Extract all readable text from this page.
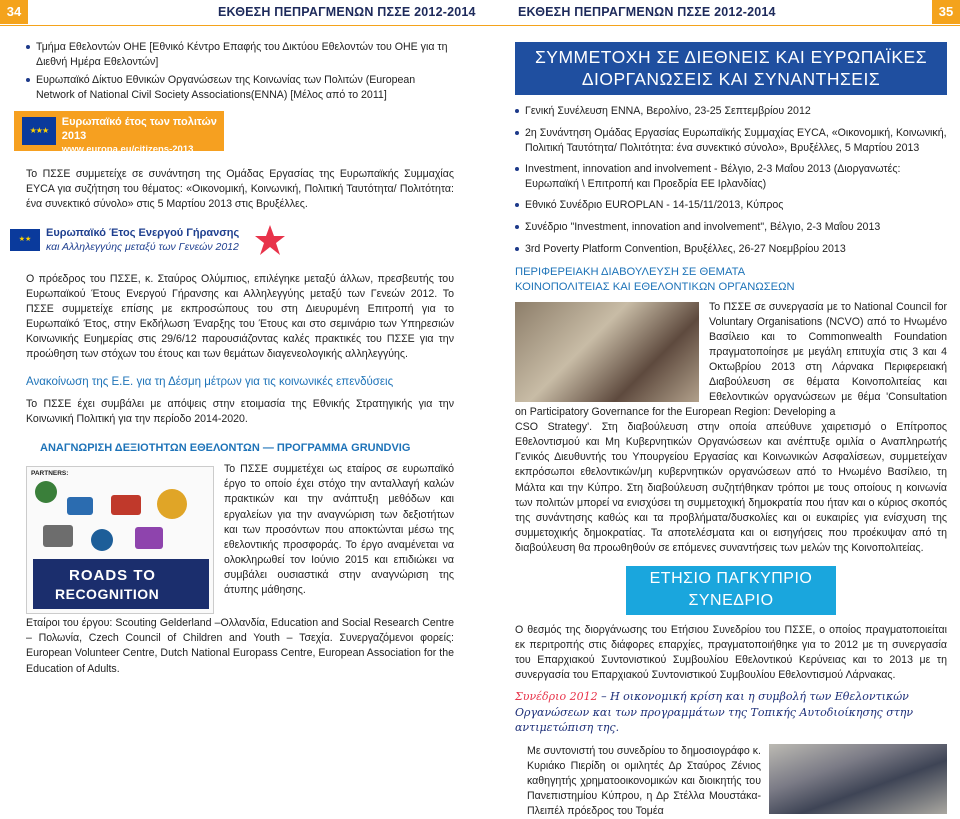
34	ΕΚΘΕΣΗ ΠΕΠΡΑΓΜΕΝΩΝ ΠΣΣΕ 2012-2014	ΕΚΘΕΣΗ ΠΕΠΡΑΓΜΕΝΩΝ ΠΣΣΕ 2012-2014	35
Τμήμα Εθελοντών ΟΗΕ [Εθνικό Κέντρο Επαφής του Δικτύου Εθελοντών του ΟΗΕ για τη Διεθνή Ημέρα Εθελοντών]
Ευρωπαϊκό Δίκτυο Εθνικών Οργανώσεων της Κοινωνίας των Πολιτών (European Network of National Civil Society Associations(ENNA) [Μέλος από το 2011]
★★★
Ευρωπαϊκό έτος των πολιτών 2013
www.europa.eu/citizens-2013

Το ΠΣΣΕ συμμετείχε σε συνάντηση της Ομάδας Εργασίας της Ευρωπαϊκής Συμμαχίας EYCA για συζήτηση του θέματος: «Οικονομική, Κοινωνική, Πολιτική Ταυτότητα/ Πολιτότητα: ένα συνεκτικό σύνολο» στις 5 Μαρτίου 2013 στις Βρυξέλλες.

★★
Ευρωπαϊκό Έτος Ενεργού Γήρανσης
και Αλληλεγγύης μεταξύ των Γενεών 2012

Ο πρόεδρος του ΠΣΣΕ, κ. Σταύρος Ολύμπιος, επιλέγηκε μεταξύ άλλων, πρεσβευτής του Ευρωπαϊκού Έτους Ενεργού Γήρανσης και Αλληλεγγύης μεταξύ των Γενεών 2012. Το ΠΣΣΕ συμμετείχε επίσης με εκπροσώπους του στη Διευρυμένη Επιτροπή για το Ευρωπαϊκό Έτος, στην Εκδήλωση Έναρξης του Έτους και στο σεμινάριο των Υπηρεσιών Κοινωνικής Ευημερίας στις 29/6/12 παρουσιάζοντας καλές πρακτικές του ΠΣΣΕ για την προώθηση των στόχων του έτους και των θεμάτων διαγενεολογικής αλληλεγγύης.

Ανακοίνωση της Ε.Ε. για τη Δέσμη μέτρων για τις κοινωνικές επενδύσεις

Το ΠΣΣΕ έχει συμβάλει με απόψεις στην ετοιμασία της Εθνικής Στρατηγικής για την Κοινωνική Πολιτική για την περίοδο 2014-2020.

ΑΝΑΓΝΩΡΙΣΗ ΔΕΞΙΟΤΗΤΩΝ ΕΘΕΛΟΝΤΩΝ — ΠΡΟΓΡΑΜΜΑ GRUNDVIG
PARTNERS:
ROADS TO
RECOGNITION

Το ΠΣΣΕ συμμετέχει ως εταίρος σε ευρωπαϊκό έργο το οποίο έχει στόχο την ανταλλαγή καλών πρακτικών και την ανάπτυξη μεθόδων και εργαλείων για την αναγνώριση των δεξιοτήτων και των προσόντων που αποκτώνται μέσω της εθελοντικής προσφοράς. Το έργο αναμένεται να ολοκληρωθεί τον Ιούνιο 2015 και επιδιώκει να συμβάλει ουσιαστικά στην αναγνώριση της άτυπης μάθησης.

Εταίροι του έργου: Scouting Gelderland –Ολλανδία, Education and Social Research Centre – Πολωνία, Czech Council of Children and Youth – Τσεχία. Συνεργαζόμενοι φορείς: European Volunteer Centre, Dutch National Europass Centre, European Association for the Education of Adults.

ΣΥΜΜΕΤΟΧΗ ΣΕ ΔΙΕΘΝΕΙΣ ΚΑΙ ΕΥΡΩΠΑΪΚΕΣ
ΔΙΟΡΓΑΝΩΣΕΙΣ ΚΑΙ ΣΥΝΑΝΤΗΣΕΙΣ
Γενική Συνέλευση ENNA, Βερολίνο, 23-25 Σεπτεμβρίου 2012
2η Συνάντηση Ομάδας Εργασίας Ευρωπαϊκής Συμμαχίας EYCA, «Οικονομική, Κοινωνική, Πολιτική Ταυτότητα/ Πολιτότητα: ένα συνεκτικό σύνολο», Βρυξέλλες, 5 Μαρτίου 2013
Investment, innovation and involvement - Βέλγιο, 2-3 Μαΐου 2013 (Διοργανωτές: Ευρωπαϊκή \ Επιτροπή και Προεδρία ΕΕ Ιρλανδίας)
Εθνικό Συνέδριο EUROPLAN - 14-15/11/2013, Κύπρος
Συνέδριο "Investment, innovation and involvement", Βέλγιο, 2-3 Μαΐου 2013
3rd Poverty Platform Convention, Βρυξέλλες, 26-27 Νοεμβρίου 2013
ΠΕΡΙΦΕΡΕΙΑΚΗ ΔΙΑΒΟΥΛΕΥΣΗ ΣΕ ΘΕΜΑΤΑ ΚΟΙΝΟΠΟΛΙΤΕΙΑΣ ΚΑΙ ΕΘΕΛΟΝΤΙΚΩΝ ΟΡΓΑΝΩΣΕΩΝ

Το ΠΣΣΕ σε συνεργασία με το National Council for Voluntary Organisations (NCVO) από το Ηνωμένο Βασίλειο και το Commonwealth Foundation πραγματοποίησε με μεγάλη επιτυχία στις 3 και 4 Οκτωβρίου 2013 στη Λάρνακα Περιφερειακή Διαβούλευση σε θέματα Κοινοπολιτείας και Εθελοντικών οργανώσεων με θέμα 'Consultation on Participatory Governance for the European Region: Developing a

CSO Strategy'. Στη διαβούλευση στην οποία απεύθυνε χαιρετισμό ο Επίτροπος Εθελοντισμού και Μη Κυβερνητικών Οργανώσεων και ανέπτυξε ομιλία ο Αναπληρωτής Γενικός Διευθυντής του Υπουργείου Εργασίας και Κοινωνικών Ασφαλίσεων, συμμετείχαν εκπρόσωποι εθελοντικών/μη κυβερνητικών οργανώσεων από το Ηνωμένο Βασίλειο, τη Μάλτα και την Κύπρο. Στη διαβούλευση συζητήθηκαν τρόποι με τους οποίους η κοινωνία των πολιτών μπορεί να ενισχύσει τη συμμετοχική δημοκρατία που ήταν και ο κύριος σκοπός της συνάντησης καθώς και τα προβλήματα/δυσκολίες και οι ευκαιρίες για ενίσχυση της συμμετοχικής δημοκρατίας. Τα αποτελέσματα και οι εισηγήσεις που προέκυψαν από τη διαβούλευση θα προωθηθούν σε επόμενες συναντήσεις των μελών της Κοινοπολιτείας.

ΕΤΗΣΙΟ ΠΑΓΚΥΠΡΙΟ ΣΥΝΕΔΡΙΟ

Ο θεσμός της διοργάνωσης του Ετήσιου Συνεδρίου του ΠΣΣΕ, ο οποίος πραγματοποιείται εκ περιτροπής στις διάφορες επαρχίες, πραγματοποιήθηκε για το 2012 με τη συνεργασία του Επαρχιακού Συντονιστικού Συμβουλίου Εθελοντικού Κερύνειας και το 2013 με τη συνεργασία του Επαρχιακού Συντονιστικού Συμβουλίου Εθελοντισμού Λάρνακας.

Συνέδριο 2012 – Η οικονομική κρίση και η συμβολή των Εθελοντικών Οργανώσεων και των προγραμμάτων της Τοπικής Αυτοδιοίκησης στην αντιμετώπιση της.

Με συντονιστή του συνεδρίου το δημοσιογράφο κ. Κυριάκο Πιερίδη οι ομιλητές Δρ Σταύρος Ζένιος καθηγητής χρηματοοικονομικών και διοικητής του Πανεπιστημίου Κύπρου, η Δρ Στέλλα Μουστάκα-Πλειπέλ πρόεδρος του Τομέα
